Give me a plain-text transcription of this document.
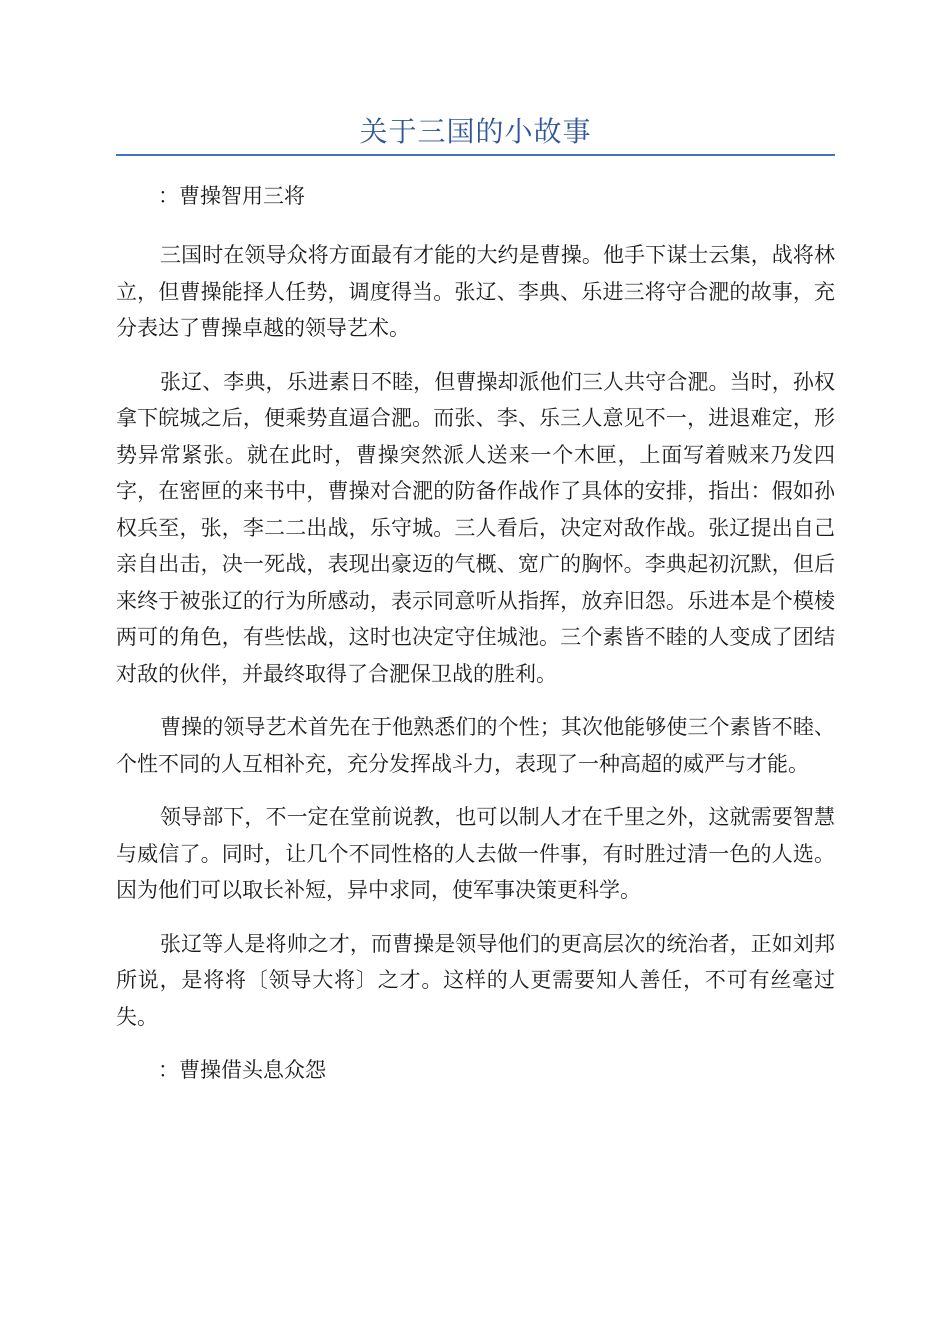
关于三国的小故事

：曹操智用三将

三国时在领导众将方面最有才能的大约是曹操。他手下谋士云集，战将林立，但曹操能择人任势，调度得当。张辽、李典、乐进三将守合淝的故事，充分表达了曹操卓越的领导艺术。

张辽、李典，乐进素日不睦，但曹操却派他们三人共守合淝。当时，孙权拿下皖城之后，便乘势直逼合淝。而张、李、乐三人意见不一，进退难定，形势异常紧张。就在此时，曹操突然派人送来一个木匣，上面写着贼来乃发四字，在密匣的来书中，曹操对合淝的防备作战作了具体的安排，指出：假如孙权兵至，张，李二二出战，乐守城。三人看后，决定对敌作战。张辽提出自己亲自出击，决一死战，表现出豪迈的气概、宽广的胸怀。李典起初沉默，但后来终于被张辽的行为所感动，表示同意听从指挥，放弃旧怨。乐进本是个模棱两可的角色，有些怯战，这时也决定守住城池。三个素皆不睦的人变成了团结对敌的伙伴，并最终取得了合淝保卫战的胜利。

曹操的领导艺术首先在于他熟悉们的个性；其次他能够使三个素皆不睦、个性不同的人互相补充，充分发挥战斗力，表现了一种高超的威严与才能。

领导部下，不一定在堂前说教，也可以制人才在千里之外，这就需要智慧与威信了。同时，让几个不同性格的人去做一件事，有时胜过清一色的人选。因为他们可以取长补短，异中求同，使军事决策更科学。

张辽等人是将帅之才，而曹操是领导他们的更高层次的统治者，正如刘邦所说，是将将〔领导大将〕之才。这样的人更需要知人善任，不可有丝毫过失。

：曹操借头息众怨
